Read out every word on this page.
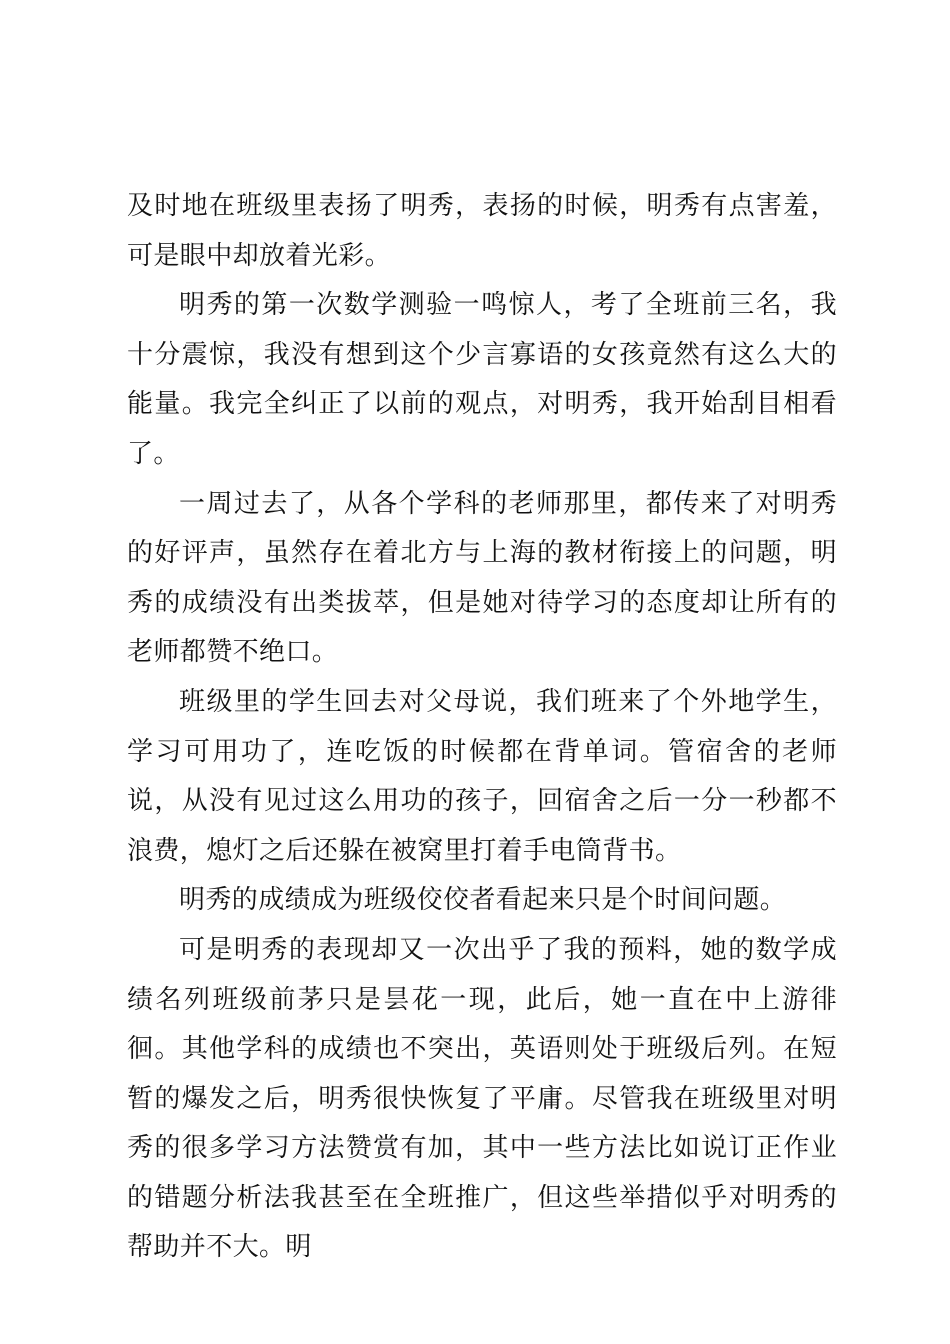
及时地在班级里表扬了明秀，表扬的时候，明秀有点害羞，可是眼中却放着光彩。

明秀的第一次数学测验一鸣惊人，考了全班前三名，我十分震惊，我没有想到这个少言寡语的女孩竟然有这么大的能量。我完全纠正了以前的观点，对明秀，我开始刮目相看了。

一周过去了，从各个学科的老师那里，都传来了对明秀的好评声，虽然存在着北方与上海的教材衔接上的问题，明秀的成绩没有出类拔萃，但是她对待学习的态度却让所有的老师都赞不绝口。

班级里的学生回去对父母说，我们班来了个外地学生，学习可用功了，连吃饭的时候都在背单词。管宿舍的老师说，从没有见过这么用功的孩子，回宿舍之后一分一秒都不浪费，熄灯之后还躲在被窝里打着手电筒背书。

明秀的成绩成为班级佼佼者看起来只是个时间问题。

可是明秀的表现却又一次出乎了我的预料，她的数学成绩名列班级前茅只是昙花一现，此后，她一直在中上游徘徊。其他学科的成绩也不突出，英语则处于班级后列。在短暂的爆发之后，明秀很快恢复了平庸。尽管我在班级里对明秀的很多学习方法赞赏有加，其中一些方法比如说订正作业的错题分析法我甚至在全班推广，但这些举措似乎对明秀的帮助并不大。明
